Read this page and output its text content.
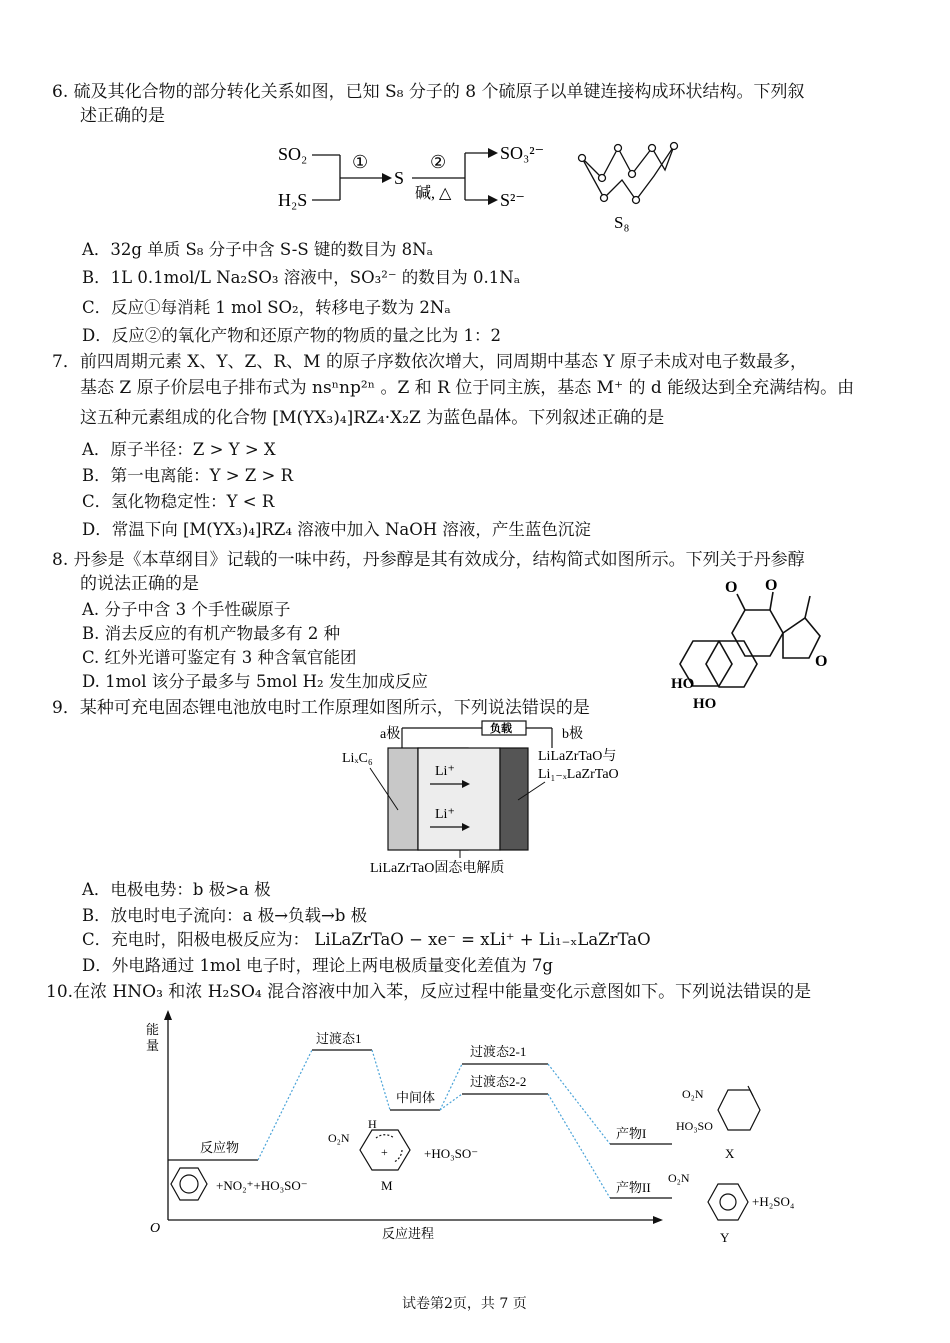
6. 硫及其化合物的部分转化关系如图，已知 S₈ 分子的 8 个硫原子以单键连接构成环状结构。下列叙
述正确的是
SO₂
H₂S
①
S
②
碱, △
SO₃²⁻
S²⁻
S₈
A．32g 单质 S₈ 分子中含 S-S 键的数目为 8Nₐ
B．1L 0.1mol/L Na₂SO₃ 溶液中，SO₃²⁻ 的数目为 0.1Nₐ
C．反应①每消耗 1 mol SO₂，转移电子数为 2Nₐ
D．反应②的氧化产物和还原产物的物质的量之比为 1：2
7．前四周期元素 X、Y、Z、R、M 的原子序数依次增大，同周期中基态 Y 原子未成对电子数最多，
基态 Z 原子价层电子排布式为 nsⁿnp²ⁿ 。Z 和 R 位于同主族，基态 M⁺ 的 d 能级达到全充满结构。由
这五种元素组成的化合物 [M(YX₃)₄]RZ₄·X₂Z 为蓝色晶体。下列叙述正确的是
A．原子半径：Z > Y > X
B．第一电离能：Y > Z > R
C．氢化物稳定性：Y < R
D．常温下向 [M(YX₃)₄]RZ₄ 溶液中加入 NaOH 溶液，产生蓝色沉淀
8. 丹参是《本草纲目》记载的一味中药，丹参醇是其有效成分，结构简式如图所示。下列关于丹参醇
的说法正确的是
A. 分子中含 3 个手性碳原子
B. 消去反应的有机产物最多有 2 种
C. 红外光谱可鉴定有 3 种含氧官能团
D. 1mol 该分子最多与 5mol H₂ 发生加成反应
O O
O
HO
HO
9．某种可充电固态锂电池放电时工作原理如图所示，下列说法错误的是
a极	负载	b极
Li⁺
Li⁺
LiₓC₆	LiLaZrTaO与
Li₁₋ₓLaZrTaO
LiLaZrTaO固态电解质
A．电极电势：b 极>a 极
B．放电时电子流向：a 极→负载→b 极
C．充电时，阳极电极反应为： LiLaZrTaO − xe⁻ = xLi⁺ + Li₁₋ₓLaZrTaO
D．外电路通过 1mol 电子时，理论上两电极质量变化差值为 7g
10.在浓 HNO₃ 和浓 H₂SO₄ 混合溶液中加入苯，反应过程中能量变化示意图如下。下列说法错误的是
能
量
O	反应进程
反应物
过渡态1
中间体
过渡态2-1
过渡态2-2
产物I
产物II
+NO₂⁺+HO₃SO⁻
O₂N
H
+
M
+HO₃SO⁻
O₂N
HO₃SO
X
O₂N
Y
+H₂SO₄
试卷第2页，共 7 页
